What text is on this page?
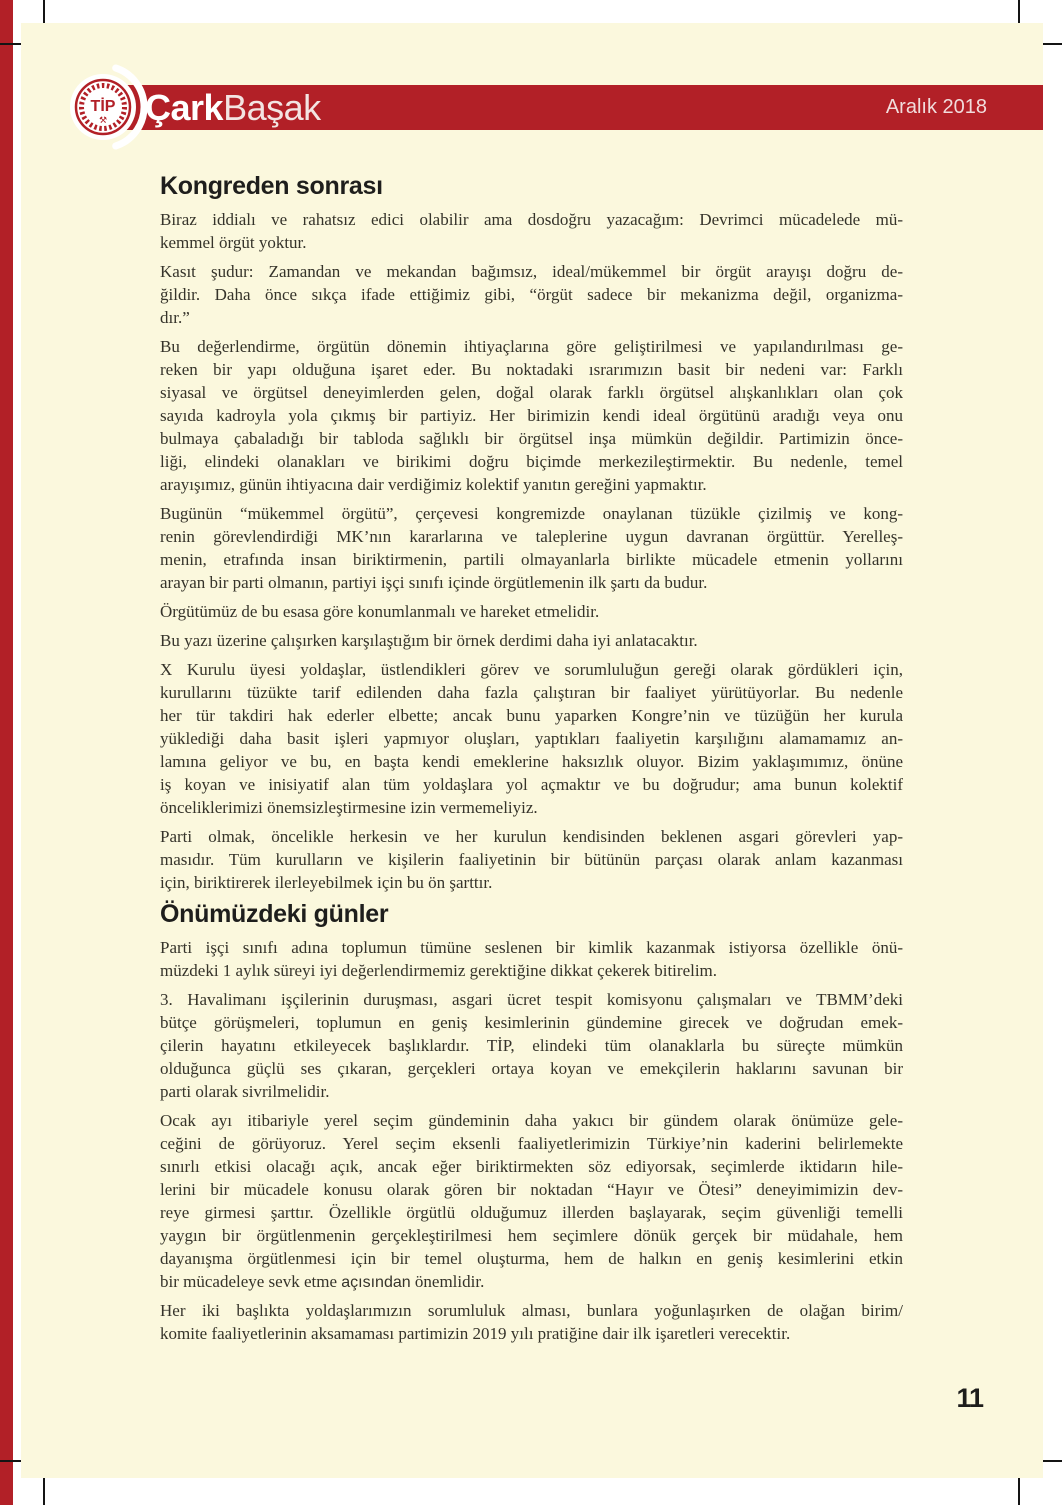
ÇarkBaşak	Aralık 2018
TİP
⚒
Kongreden sonrası
Biraz iddialı ve rahatsız edici olabilir ama dosdoğru yazacağım: Devrimci mücadelede mü-
kemmel örgüt yoktur.
Kasıt şudur: Zamandan ve mekandan bağımsız, ideal/mükemmel bir örgüt arayışı doğru de-
ğildir. Daha önce sıkça ifade ettiğimiz gibi, “örgüt sadece bir mekanizma değil, organizma-
dır.”
Bu değerlendirme, örgütün dönemin ihtiyaçlarına göre geliştirilmesi ve yapılandırılması ge-
reken bir yapı olduğuna işaret eder. Bu noktadaki ısrarımızın basit bir nedeni var: Farklı
siyasal ve örgütsel deneyimlerden gelen, doğal olarak farklı örgütsel alışkanlıkları olan çok
sayıda kadroyla yola çıkmış bir partiyiz. Her birimizin kendi ideal örgütünü aradığı veya onu
bulmaya çabaladığı bir tabloda sağlıklı bir örgütsel inşa mümkün değildir. Partimizin önce-
liği, elindeki olanakları ve birikimi doğru biçimde merkezileştirmektir. Bu nedenle, temel
arayışımız, günün ihtiyacına dair verdiğimiz kolektif yanıtın gereğini yapmaktır.
Bugünün “mükemmel örgütü”, çerçevesi kongremizde onaylanan tüzükle çizilmiş ve kong-
renin görevlendirdiği MK’nın kararlarına ve taleplerine uygun davranan örgüttür. Yerelleş-
menin, etrafında insan biriktirmenin, partili olmayanlarla birlikte mücadele etmenin yollarını
arayan bir parti olmanın, partiyi işçi sınıfı içinde örgütlemenin ilk şartı da budur.
Örgütümüz de bu esasa göre konumlanmalı ve hareket etmelidir.
Bu yazı üzerine çalışırken karşılaştığım bir örnek derdimi daha iyi anlatacaktır.
X Kurulu üyesi yoldaşlar, üstlendikleri görev ve sorumluluğun gereği olarak gördükleri için,
kurullarını tüzükte tarif edilenden daha fazla çalıştıran bir faaliyet yürütüyorlar. Bu nedenle
her tür takdiri hak ederler elbette; ancak bunu yaparken Kongre’nin ve tüzüğün her kurula
yüklediği daha basit işleri yapmıyor oluşları, yaptıkları faaliyetin karşılığını alamamamız an-
lamına geliyor ve bu, en başta kendi emeklerine haksızlık oluyor. Bizim yaklaşımımız, önüne
iş koyan ve inisiyatif alan tüm yoldaşlara yol açmaktır ve bu doğrudur; ama bunun kolektif
önceliklerimizi önemsizleştirmesine izin vermemeliyiz.
Parti olmak, öncelikle herkesin ve her kurulun kendisinden beklenen asgari görevleri yap-
masıdır. Tüm kurulların ve kişilerin faaliyetinin bir bütünün parçası olarak anlam kazanması
için, biriktirerek ilerleyebilmek için bu ön şarttır.
Önümüzdeki günler
Parti işçi sınıfı adına toplumun tümüne seslenen bir kimlik kazanmak istiyorsa özellikle önü-
müzdeki 1 aylık süreyi iyi değerlendirmemiz gerektiğine dikkat çekerek bitirelim.
3. Havalimanı işçilerinin duruşması, asgari ücret tespit komisyonu çalışmaları ve TBMM’deki
bütçe görüşmeleri, toplumun en geniş kesimlerinin gündemine girecek ve doğrudan emek-
çilerin hayatını etkileyecek başlıklardır. TİP, elindeki tüm olanaklarla bu süreçte mümkün
olduğunca güçlü ses çıkaran, gerçekleri ortaya koyan ve emekçilerin haklarını savunan bir
parti olarak sivrilmelidir.
Ocak ayı itibariyle yerel seçim gündeminin daha yakıcı bir gündem olarak önümüze gele-
ceğini de görüyoruz. Yerel seçim eksenli faaliyetlerimizin Türkiye’nin kaderini belirlemekte
sınırlı etkisi olacağı açık, ancak eğer biriktirmekten söz ediyorsak, seçimlerde iktidarın hile-
lerini bir mücadele konusu olarak gören bir noktadan “Hayır ve Ötesi” deneyimimizin dev-
reye girmesi şarttır. Özellikle örgütlü olduğumuz illerden başlayarak, seçim güvenliği temelli
yaygın bir örgütlenmenin gerçekleştirilmesi hem seçimlere dönük gerçek bir müdahale, hem
dayanışma örgütlenmesi için bir temel oluşturma, hem de halkın en geniş kesimlerini etkin
bir mücadeleye sevk etme açısından önemlidir.
Her iki başlıkta yoldaşlarımızın sorumluluk alması, bunlara yoğunlaşırken de olağan birim/
komite faaliyetlerinin aksamaması partimizin 2019 yılı pratiğine dair ilk işaretleri verecektir.
11
